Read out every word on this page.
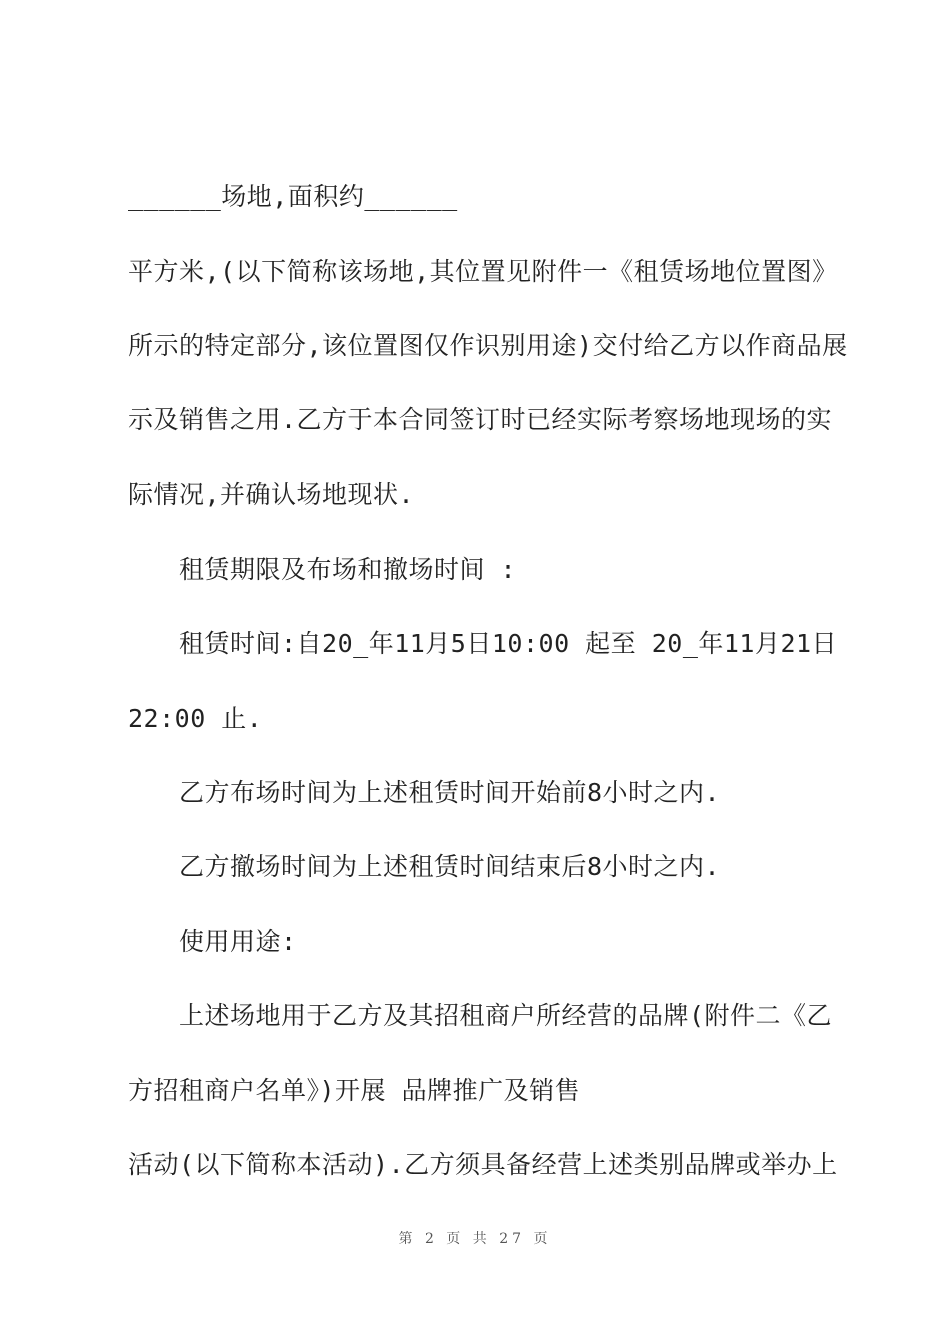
______场地,面积约______
平方米,(以下简称该场地,其位置见附件一《租赁场地位置图》
所示的特定部分,该位置图仅作识别用途)交付给乙方以作商品展
示及销售之用.乙方于本合同签订时已经实际考察场地现场的实
际情况,并确认场地现状.
租赁期限及布场和撤场时间 :
租赁时间:自20_年11月5日10:00 起至 20_年11月21日
22:00 止.
乙方布场时间为上述租赁时间开始前8小时之内.
乙方撤场时间为上述租赁时间结束后8小时之内.
使用用途:
上述场地用于乙方及其招租商户所经营的品牌(附件二《乙
方招租商户名单》)开展 品牌推广及销售
活动(以下简称本活动).乙方须具备经营上述类别品牌或举办上
第 2 页 共 27 页
